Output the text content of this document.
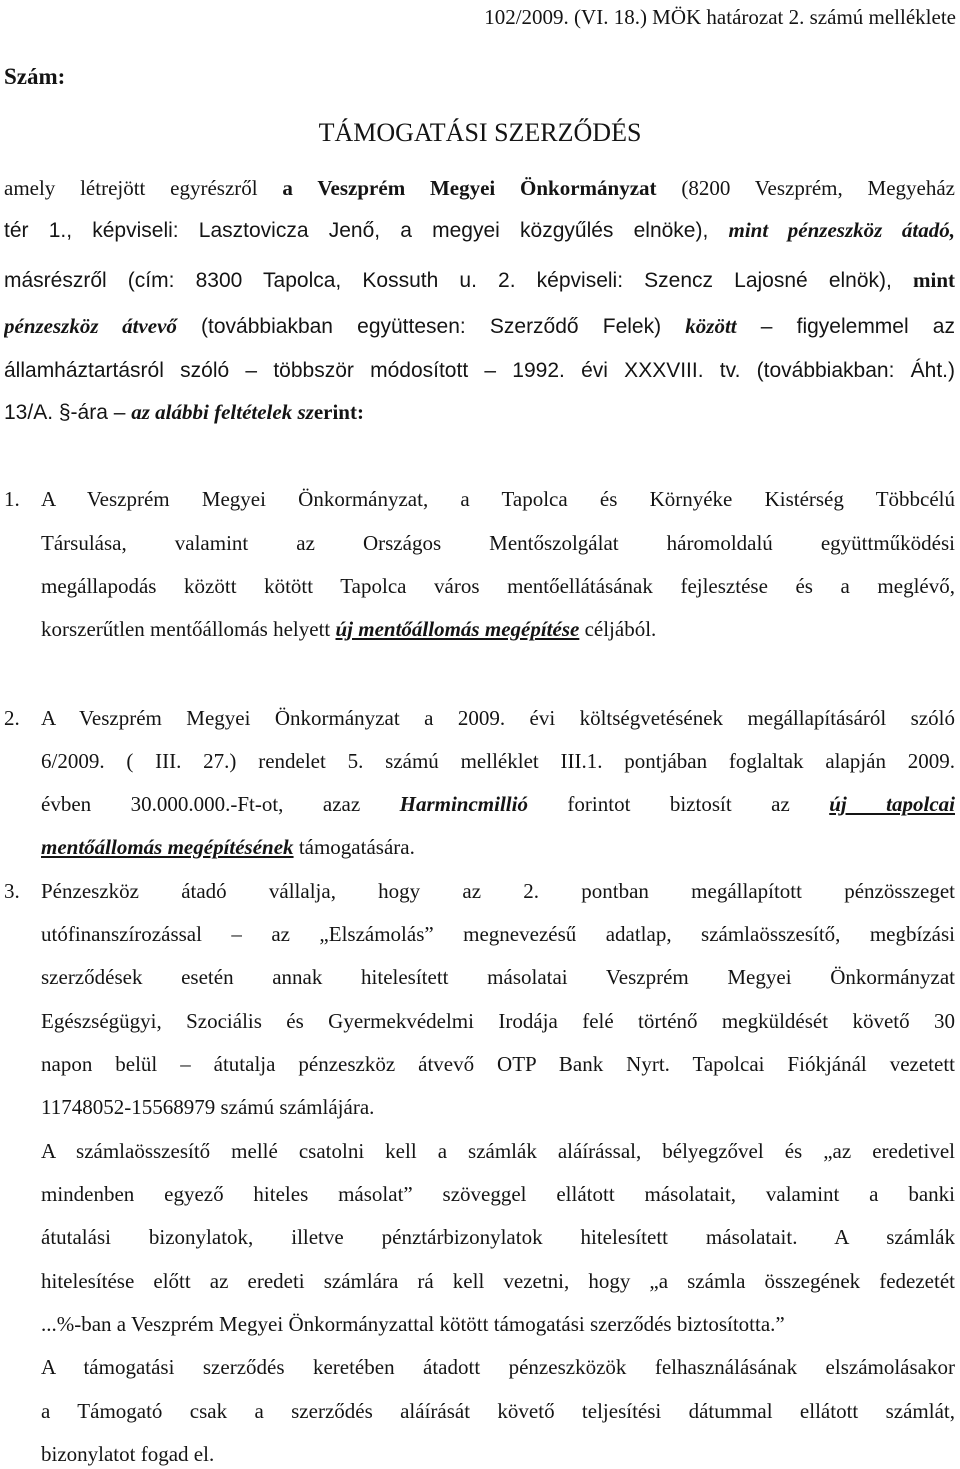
102/2009. (VI. 18.) MÖK határozat 2. számú melléklete
Szám:
TÁMOGATÁSI SZERZŐDÉS
amely létrejött egyrészről a Veszprém Megyei Önkormányzat (8200 Veszprém, Megyeház
tér 1., képviseli: Lasztovicza Jenő, a megyei közgyűlés elnöke), mint pénzeszköz átadó,
másrészről (cím: 8300 Tapolca, Kossuth u. 2. képviseli: Szencz Lajosné elnök), mint
pénzeszköz átvevő (továbbiakban együttesen: Szerződő Felek) között – figyelemmel az
államháztartásról szóló – többször módosított – 1992. évi XXXVIII. tv. (továbbiakban: Áht.)
13/A. §-ára – az alábbi feltételek szerint:
1. A Veszprém Megyei Önkormányzat, a Tapolca és Környéke Kistérség Többcélú
Társulása, valamint az Országos Mentőszolgálat háromoldalú együttműködési
megállapodás között kötött Tapolca város mentőellátásának fejlesztése és a meglévő,
korszerűtlen mentőállomás helyett új mentőállomás megépítése céljából.
2. A Veszprém Megyei Önkormányzat a 2009. évi költségvetésének megállapításáról szóló
6/2009. ( III. 27.) rendelet 5. számú melléklet III.1. pontjában foglaltak alapján 2009.
évben 30.000.000.-Ft-ot, azaz Harmincmillió forintot biztosít az új tapolcai
mentőállomás megépítésének támogatására.
3. Pénzeszköz átadó vállalja, hogy az 2. pontban megállapított pénzösszeget
utófinanszírozással – az „Elszámolás” megnevezésű adatlap, számlaösszesítő, megbízási
szerződések esetén annak hitelesített másolatai Veszprém Megyei Önkormányzat
Egészségügyi, Szociális és Gyermekvédelmi Irodája felé történő megküldését követő 30
napon belül – átutalja pénzeszköz átvevő OTP Bank Nyrt. Tapolcai Fiókjánál vezetett
11748052-15568979 számú számlájára.
A számlaösszesítő mellé csatolni kell a számlák aláírással, bélyegzővel és „az eredetivel
mindenben egyező hiteles másolat” szöveggel ellátott másolatait, valamint a banki
átutalási bizonylatok, illetve pénztárbizonylatok hitelesített másolatait. A számlák
hitelesítése előtt az eredeti számlára rá kell vezetni, hogy „a számla összegének fedezetét
...%-ban a Veszprém Megyei Önkormányzattal kötött támogatási szerződés biztosította.”
A támogatási szerződés keretében átadott pénzeszközök felhasználásának elszámolásakor
a Támogató csak a szerződés aláírását követő teljesítési dátummal ellátott számlát,
bizonylatot fogad el.
